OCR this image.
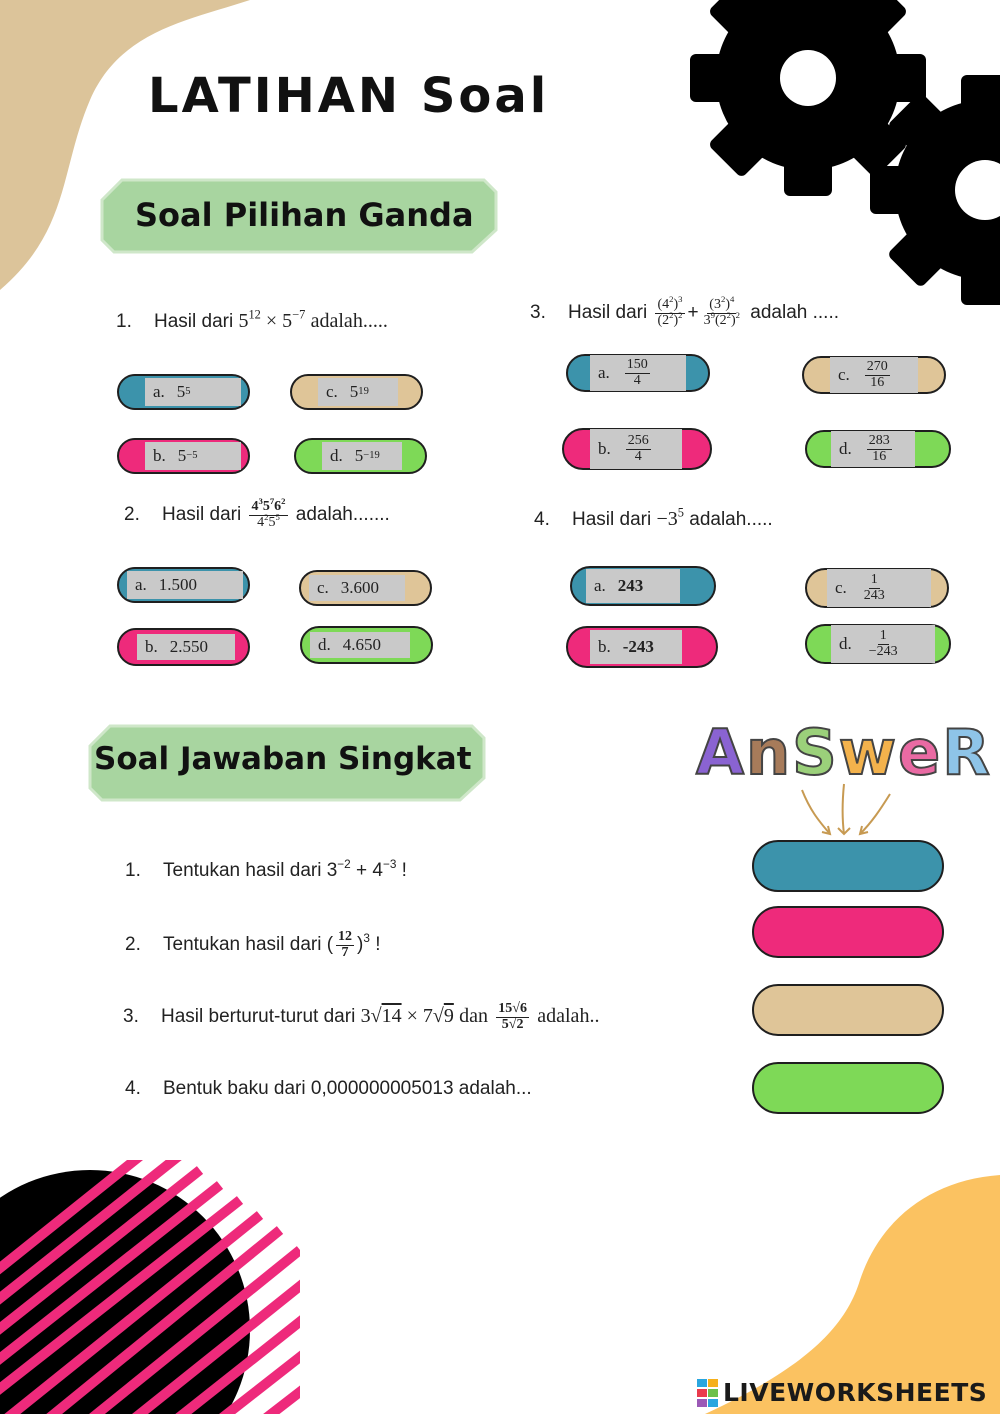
LATIHAN Soal
Soal Pilihan Ganda
1. Hasil dari $5^{12} \times 5^{-7}$ adalah.....
a. 5 5	c. 5 19
b. 5 −5	d. 5 −19
2. Hasil dari $\frac{4^35^76^2}{4^25^5}$ adalah.......
a. 1.500	c. 3.600
b. 2.550	d. 4.650
3. Hasil dari $\frac{(4^2)^3}{(2^2)^2} + \frac{(3^2)^4}{3^9(2^2)^2}$ adalah .....
a. $\frac{150}{4}$	c. $\frac{270}{16}$
b. $\frac{256}{4}$	d. $\frac{283}{16}$
4. Hasil dari $-3^5$ adalah.....
a. 243	c. $\frac{1}{243}$
b. -243	d. $\frac{1}{-243}$
Soal Jawaban Singkat	AnSweR
1. Tentukan hasil dari $3^{-2} + 4^{-3}$ !
2. Tentukan hasil dari ( $\frac{12}{7} )^3$ !
3. Hasil berturut-turut dari 3√14 × 7√9 dan $\frac{15√6}{5√2}$ adalah..
4. Bentuk baku dari 0,000000005013 adalah...
LIVEWORKSHEETS
